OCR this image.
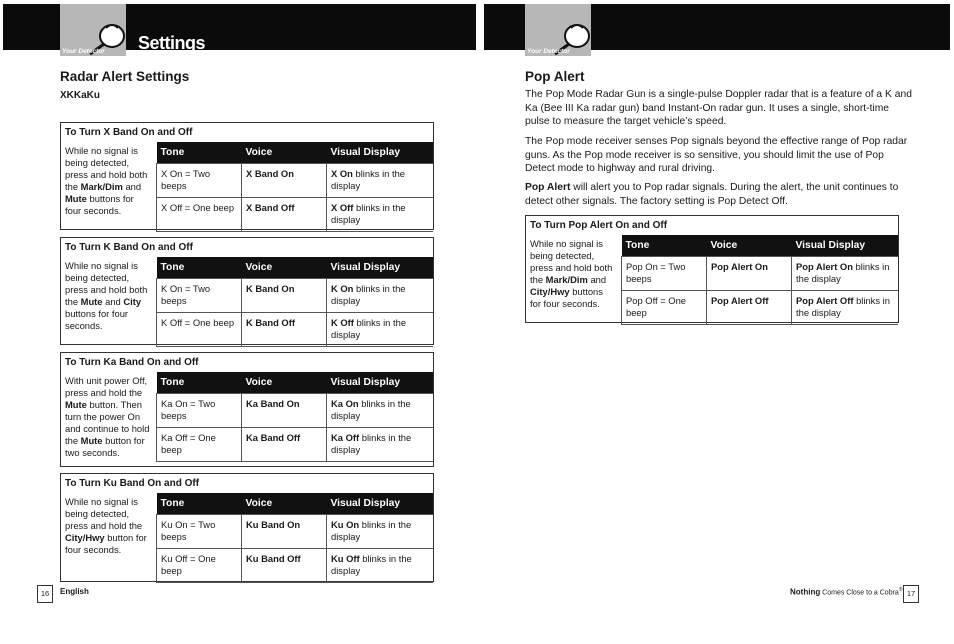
Your Detector	Your Detector
Settings
Radar Alert Settings
XKKaKu
To Turn X Band On and Off
While no signal is being detected, press and hold both the Mark/Dim and Mute buttons for four seconds.
Tone	Voice	Visual Display
X On = Two beeps	X Band On	X On blinks in the display
X Off = One beep	X Band Off	X Off blinks in the display
To Turn K Band On and Off
While no signal is being detected, press and hold both the Mute and City buttons for four seconds.
Tone	Voice	Visual Display
K On = Two beeps	K Band On	K On blinks in the display
K Off = One beep	K Band Off	K Off blinks in the display
To Turn Ka Band On and Off
With unit power Off, press and hold the Mute button. Then turn the power On and continue to hold the Mute button for two seconds.
Tone	Voice	Visual Display
Ka On = Two beeps	Ka Band On	Ka On blinks in the display
Ka Off = One beep	Ka Band Off	Ka Off blinks in the display
To Turn Ku Band On and Off
While no signal is being detected, press and hold the City/Hwy button for four seconds.
Tone	Voice	Visual Display
Ku On = Two beeps	Ku Band On	Ku On blinks in the display
Ku Off = One beep	Ku Band Off	Ku Off blinks in the display
16	English
Pop Alert
The Pop Mode Radar Gun is a single-pulse Doppler radar that is a feature of a K and Ka (Bee III Ka radar gun) band Instant-On radar gun. It uses a single, short-time pulse to measure the target vehicle’s speed.
The Pop mode receiver senses Pop signals beyond the effective range of Pop radar guns. As the Pop mode receiver is so sensitive, you should limit the use of Pop Detect mode to highway and rural driving.
Pop Alert will alert you to Pop radar signals. During the alert, the unit continues to detect other signals. The factory setting is Pop Detect Off.
To Turn Pop Alert On and Off
While no signal is being detected, press and hold both the Mark/Dim and City/Hwy buttons for four seconds.
Tone	Voice	Visual Display
Pop On = Two beeps	Pop Alert On	Pop Alert On blinks in the display
Pop Off = One beep	Pop Alert Off	Pop Alert Off blinks in the display
Nothing Comes Close to a Cobra® 17
